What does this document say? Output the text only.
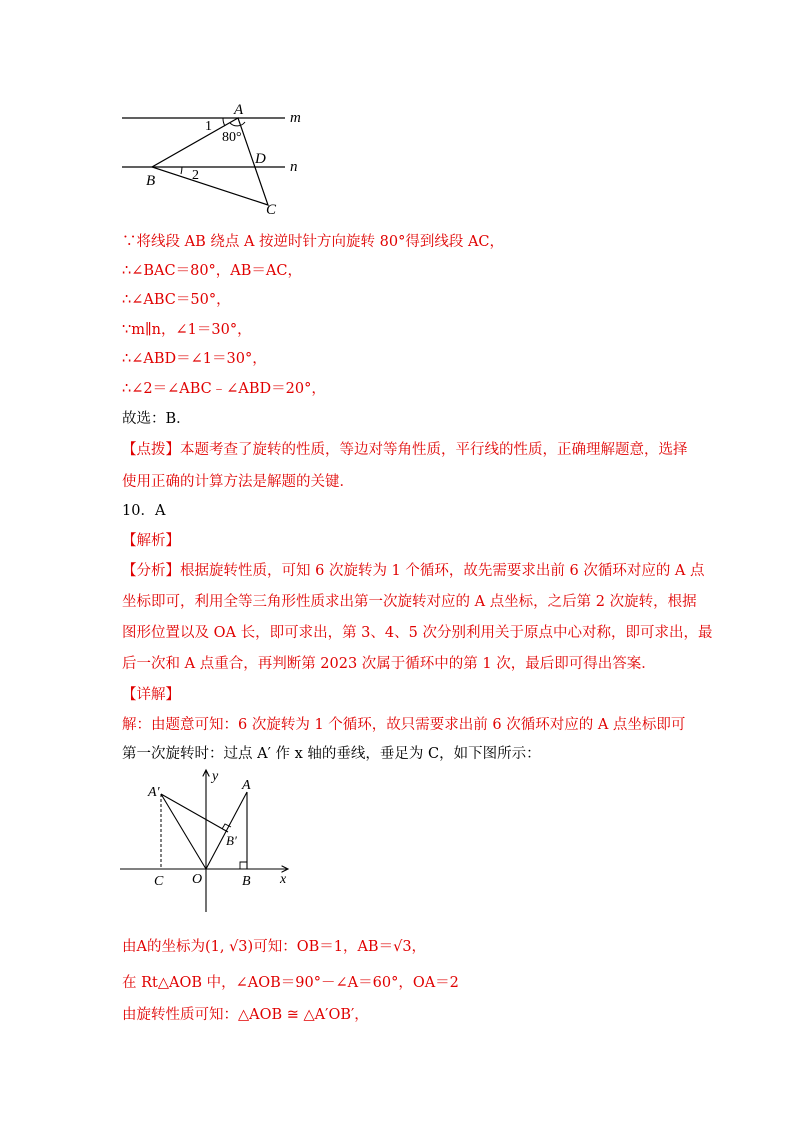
A	m
1
80°
D n
B	2
C
∵将线段 AB 绕点 A 按逆时针方向旋转 80°得到线段 AC，
∴∠BAC＝80°，AB＝AC，
∴∠ABC＝50°，
∵m∥n，∠1＝30°，
∴∠ABD＝∠1＝30°，
∴∠2＝∠ABC﹣∠ABD＝20°，
故选：B．
【点拨】本题考查了旋转的性质，等边对等角性质，平行线的性质，正确理解题意，选择
使用正确的计算方法是解题的关键．
10．A
【解析】
【分析】根据旋转性质，可知 6 次旋转为 1 个循环，故先需要求出前 6 次循环对应的 A 点
坐标即可，利用全等三角形性质求出第一次旋转对应的 A 点坐标，之后第 2 次旋转，根据
图形位置以及 OA 长，即可求出，第 3、4、5 次分别利用关于原点中心对称，即可求出，最
后一次和 A 点重合，再判断第 2023 次属于循环中的第 1 次，最后即可得出答案．
【详解】
解：由题意可知：6 次旋转为 1 个循环，故只需要求出前 6 次循环对应的 A 点坐标即可
第一次旋转时：过点 A′ 作 x 轴的垂线，垂足为 C，如下图所示：
y
A′	A
B′
C O	B x
由A的坐标为(1, √3)可知：OB＝1，AB＝√3，
在 Rt△AOB 中，∠AOB＝90°－∠A＝60°，OA＝2
由旋转性质可知：△AOB ≅ △A′OB′，
